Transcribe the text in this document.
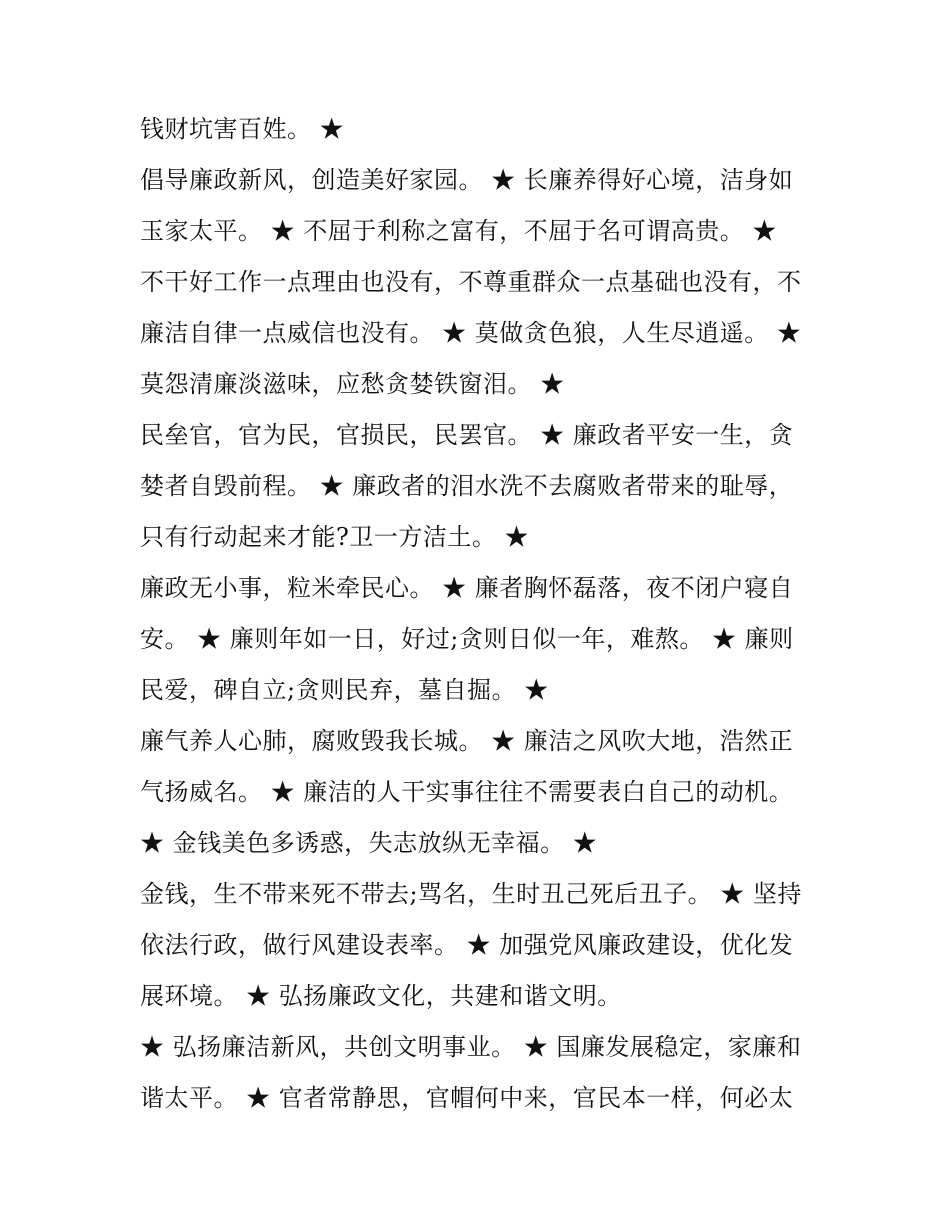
钱财坑害百姓。 ★
倡导廉政新风，创造美好家园。 ★ 长廉养得好心境，洁身如
玉家太平。 ★ 不屈于利称之富有，不屈于名可谓高贵。 ★
不干好工作一点理由也没有，不尊重群众一点基础也没有，不
廉洁自律一点威信也没有。 ★ 莫做贪色狼，人生尽逍遥。 ★
莫怨清廉淡滋味，应愁贪婪铁窗泪。 ★
民垒官，官为民，官损民，民罢官。 ★ 廉政者平安一生，贪
婪者自毁前程。 ★ 廉政者的泪水洗不去腐败者带来的耻辱，
只有行动起来才能?卫一方洁土。 ★
廉政无小事，粒米牵民心。 ★ 廉者胸怀磊落，夜不闭户寝自
安。 ★ 廉则年如一日，好过;贪则日似一年，难熬。 ★ 廉则
民爱，碑自立;贪则民弃，墓自掘。 ★
廉气养人心肺，腐败毁我长城。 ★ 廉洁之风吹大地，浩然正
气扬威名。 ★ 廉洁的人干实事往往不需要表白自己的动机。
★ 金钱美色多诱惑，失志放纵无幸福。 ★
金钱，生不带来死不带去;骂名，生时丑己死后丑子。 ★ 坚持
依法行政，做行风建设表率。 ★ 加强党风廉政建设，优化发
展环境。 ★ 弘扬廉政文化，共建和谐文明。
★ 弘扬廉洁新风，共创文明事业。 ★ 国廉发展稳定，家廉和
谐太平。 ★ 官者常静思，官帽何中来，官民本一样，何必太
